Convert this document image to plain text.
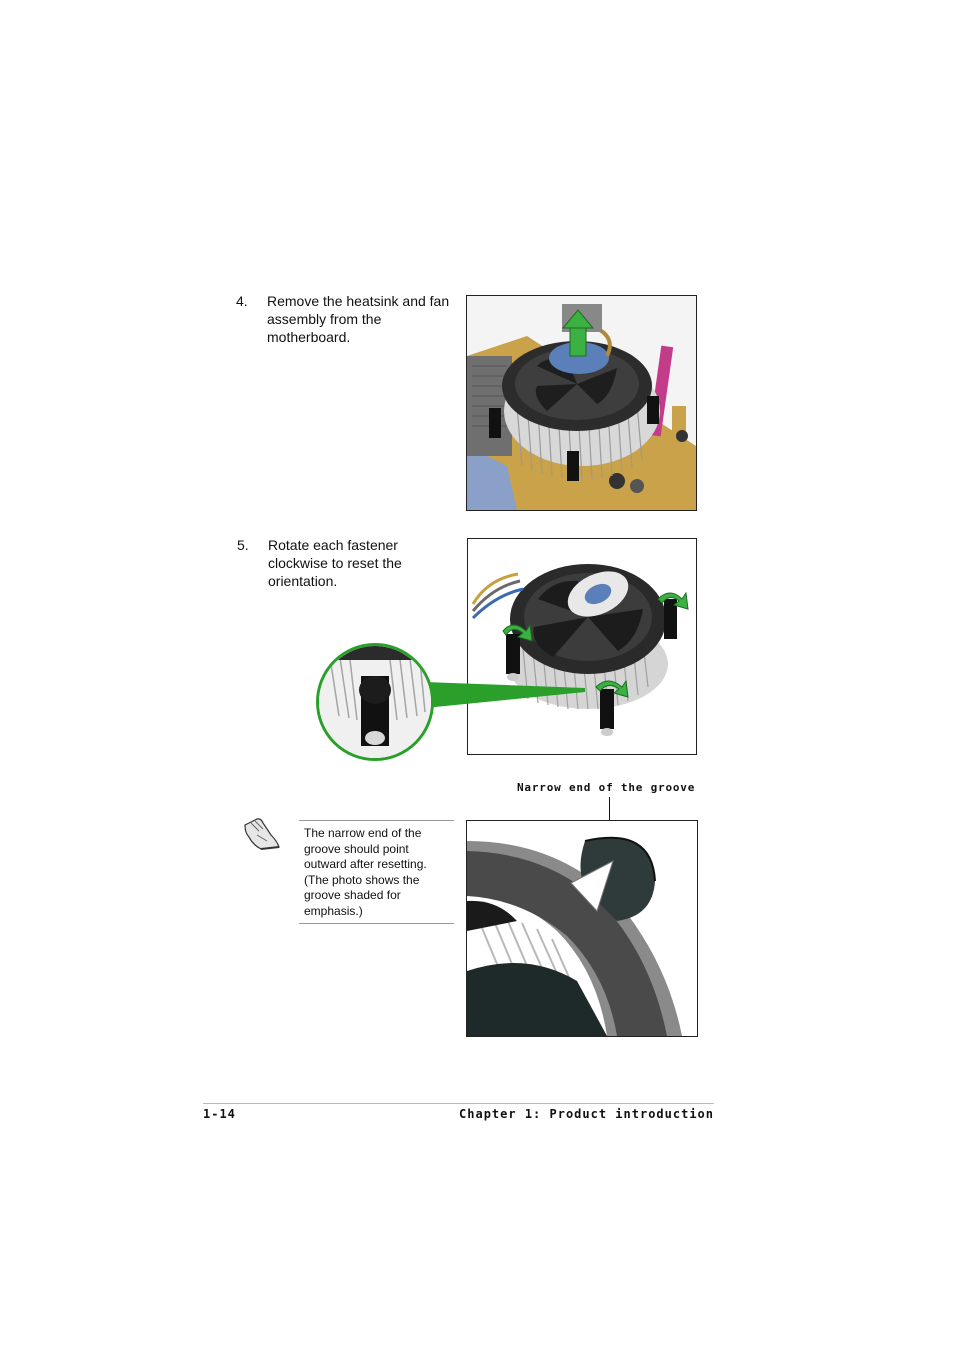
4. Remove the heatsink and fan assembly from the motherboard.
5. Rotate each fastener clockwise to reset the orientation.
Narrow end of the groove
The narrow end of the groove should point outward after resetting. (The photo shows the groove shaded for emphasis.)
1-14	Chapter 1: Product introduction
